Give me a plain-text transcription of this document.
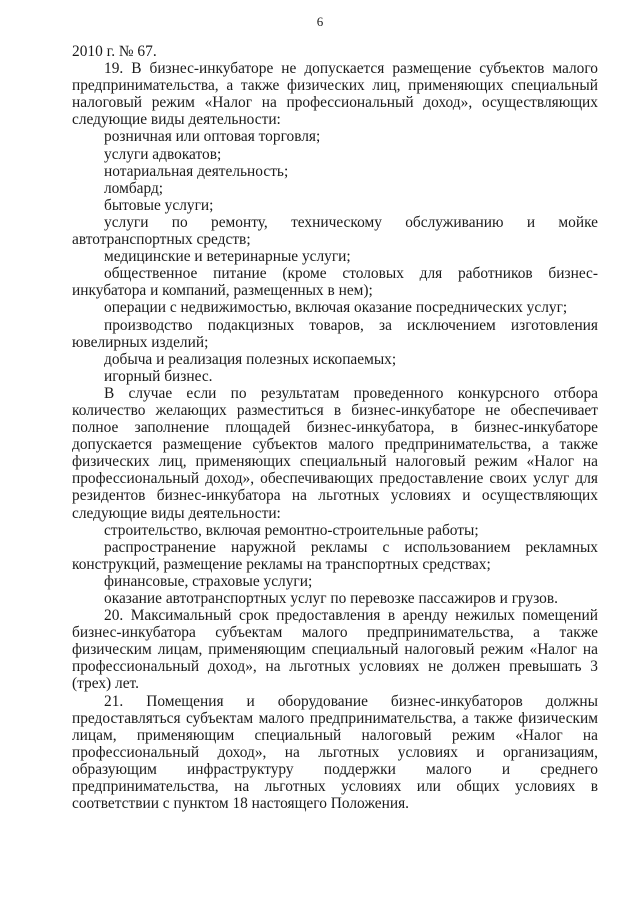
6

2010 г. № 67.

19. В бизнес-инкубаторе не допускается размещение субъектов малого предпринимательства, а также физических лиц, применяющих специальный налоговый режим «Налог на профессиональный доход», осуществляющих следующие виды деятельности:

розничная или оптовая торговля;

услуги адвокатов;

нотариальная деятельность;

ломбард;

бытовые услуги;

услуги по ремонту, техническому обслуживанию и мойке автотранспортных средств;

медицинские и ветеринарные услуги;

общественное питание (кроме столовых для работников бизнес-инкубатора и компаний, размещенных в нем);

операции с недвижимостью, включая оказание посреднических услуг;

производство подакцизных товаров, за исключением изготовления ювелирных изделий;

добыча и реализация полезных ископаемых;

игорный бизнес.

В случае если по результатам проведенного конкурсного отбора количество желающих разместиться в бизнес-инкубаторе не обеспечивает полное заполнение площадей бизнес-инкубатора, в бизнес-инкубаторе допускается размещение субъектов малого предпринимательства, а также физических лиц, применяющих специальный налоговый режим «Налог на профессиональный доход», обеспечивающих предоставление своих услуг для резидентов бизнес-инкубатора на льготных условиях и осуществляющих следующие виды деятельности:

строительство, включая ремонтно-строительные работы;

распространение наружной рекламы с использованием рекламных конструкций, размещение рекламы на транспортных средствах;

финансовые, страховые услуги;

оказание автотранспортных услуг по перевозке пассажиров и грузов.

20. Максимальный срок предоставления в аренду нежилых помещений бизнес-инкубатора субъектам малого предпринимательства, а также физическим лицам, применяющим специальный налоговый режим «Налог на профессиональный доход», на льготных условиях не должен превышать 3 (трех) лет.

21. Помещения и оборудование бизнес-инкубаторов должны предоставляться субъектам малого предпринимательства, а также физическим лицам, применяющим специальный налоговый режим «Налог на профессиональный доход», на льготных условиях и организациям, образующим инфраструктуру поддержки малого и среднего предпринимательства, на льготных условиях или общих условиях в соответствии с пунктом 18 настоящего Положения.
